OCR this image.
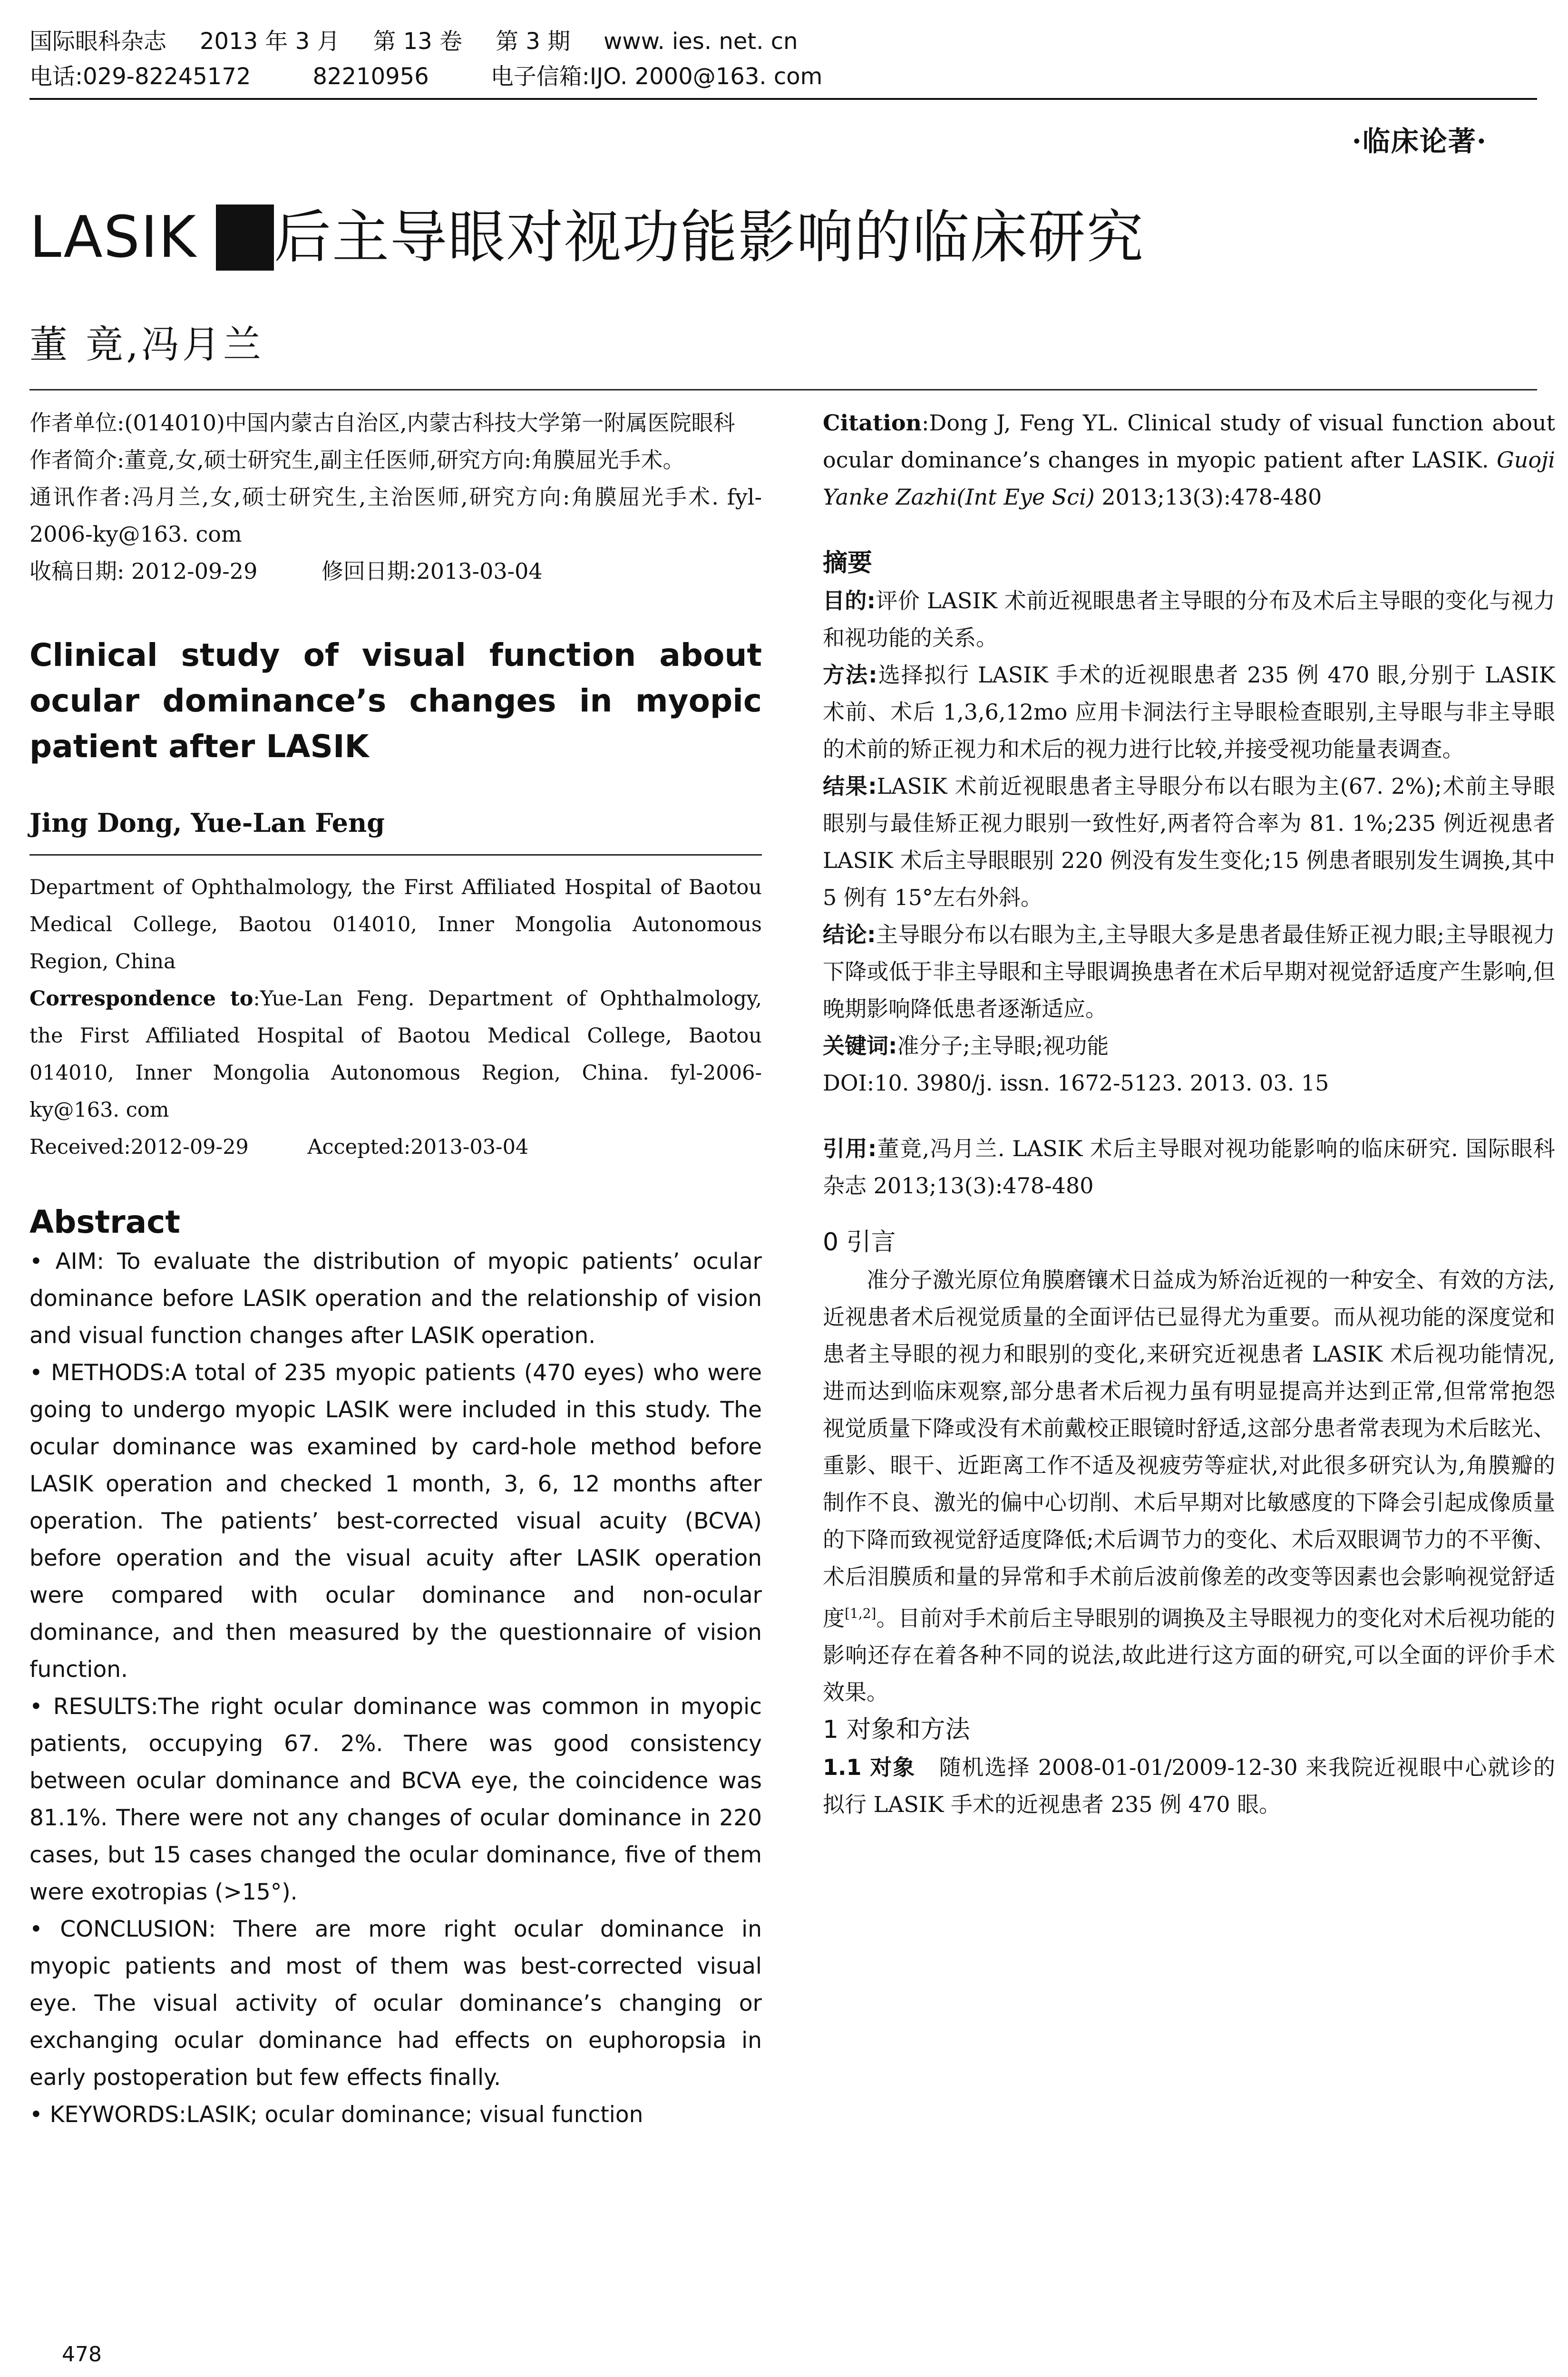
国际眼科杂志 2013 年 3 月 第 13 卷 第 3 期 www. ies. net. cn
电话:029-82245172	82210956	电子信箱:IJO. 2000@163. com
·临床论著·
LASIK 术后主导眼对视功能影响的临床研究
董 竟,冯月兰

作者单位:(014010)中国内蒙古自治区,内蒙古科技大学第一附属医院眼科

作者简介:董竟,女,硕士研究生,副主任医师,研究方向:角膜屈光手术。

通讯作者:冯月兰,女,硕士研究生,主治医师,研究方向:角膜屈光手术. fyl-2006-ky@163. com

收稿日期: 2012-09-29	修回日期:2013-03-04

Clinical study of visual function about ocular dominance’s changes in myopic patient after LASIK
Jing Dong, Yue-Lan Feng

Department of Ophthalmology, the First Affiliated Hospital of Baotou Medical College, Baotou 014010, Inner Mongolia Autonomous Region, China

Correspondence to:Yue-Lan Feng. Department of Ophthalmology, the First Affiliated Hospital of Baotou Medical College, Baotou 014010, Inner Mongolia Autonomous Region, China. fyl-2006-ky@163. com

Received:2012-09-29	Accepted:2013-03-04

Abstract

• AIM: To evaluate the distribution of myopic patients’ ocular dominance before LASIK operation and the relationship of vision and visual function changes after LASIK operation.

• METHODS:A total of 235 myopic patients (470 eyes) who were going to undergo myopic LASIK were included in this study. The ocular dominance was examined by card-hole method before LASIK operation and checked 1 month, 3, 6, 12 months after operation. The patients’ best-corrected visual acuity (BCVA) before operation and the visual acuity after LASIK operation were compared with ocular dominance and non-ocular dominance, and then measured by the questionnaire of vision function.

• RESULTS:The right ocular dominance was common in myopic patients, occupying 67. 2%. There was good consistency between ocular dominance and BCVA eye, the coincidence was 81.1%. There were not any changes of ocular dominance in 220 cases, but 15 cases changed the ocular dominance, five of them were exotropias (>15°).

• CONCLUSION: There are more right ocular dominance in myopic patients and most of them was best-corrected visual eye. The visual activity of ocular dominance’s changing or exchanging ocular dominance had effects on euphoropsia in early postoperation but few effects finally.

• KEYWORDS:LASIK; ocular dominance; visual function

Citation:Dong J, Feng YL. Clinical study of visual function about ocular dominance’s changes in myopic patient after LASIK. Guoji Yanke Zazhi(Int Eye Sci) 2013;13(3):478-480

摘要

目的:评价 LASIK 术前近视眼患者主导眼的分布及术后主导眼的变化与视力和视功能的关系。

方法:选择拟行 LASIK 手术的近视眼患者 235 例 470 眼,分别于 LASIK 术前、术后 1,3,6,12mo 应用卡洞法行主导眼检查眼别,主导眼与非主导眼的术前的矫正视力和术后的视力进行比较,并接受视功能量表调查。

结果:LASIK 术前近视眼患者主导眼分布以右眼为主(67. 2%);术前主导眼眼别与最佳矫正视力眼别一致性好,两者符合率为 81. 1%;235 例近视患者 LASIK 术后主导眼眼别 220 例没有发生变化;15 例患者眼别发生调换,其中 5 例有 15°左右外斜。

结论:主导眼分布以右眼为主,主导眼大多是患者最佳矫正视力眼;主导眼视力下降或低于非主导眼和主导眼调换患者在术后早期对视觉舒适度产生影响,但晚期影响降低患者逐渐适应。

关键词:准分子;主导眼;视功能

DOI:10. 3980/j. issn. 1672-5123. 2013. 03. 15

引用:董竟,冯月兰. LASIK 术后主导眼对视功能影响的临床研究. 国际眼科杂志 2013;13(3):478-480

0 引言

准分子激光原位角膜磨镶术日益成为矫治近视的一种安全、有效的方法,近视患者术后视觉质量的全面评估已显得尤为重要。而从视功能的深度觉和患者主导眼的视力和眼别的变化,来研究近视患者 LASIK 术后视功能情况,进而达到临床观察,部分患者术后视力虽有明显提高并达到正常,但常常抱怨视觉质量下降或没有术前戴校正眼镜时舒适,这部分患者常表现为术后眩光、重影、眼干、近距离工作不适及视疲劳等症状,对此很多研究认为,角膜瓣的制作不良、激光的偏中心切削、术后早期对比敏感度的下降会引起成像质量的下降而致视觉舒适度降低;术后调节力的变化、术后双眼调节力的不平衡、术后泪膜质和量的异常和手术前后波前像差的改变等因素也会影响视觉舒适度[1,2]。目前对手术前后主导眼别的调换及主导眼视力的变化对术后视功能的影响还存在着各种不同的说法,故此进行这方面的研究,可以全面的评价手术效果。

1 对象和方法

1.1 对象 随机选择 2008-01-01/2009-12-30 来我院近视眼中心就诊的拟行 LASIK 手术的近视患者 235 例 470 眼。

478
